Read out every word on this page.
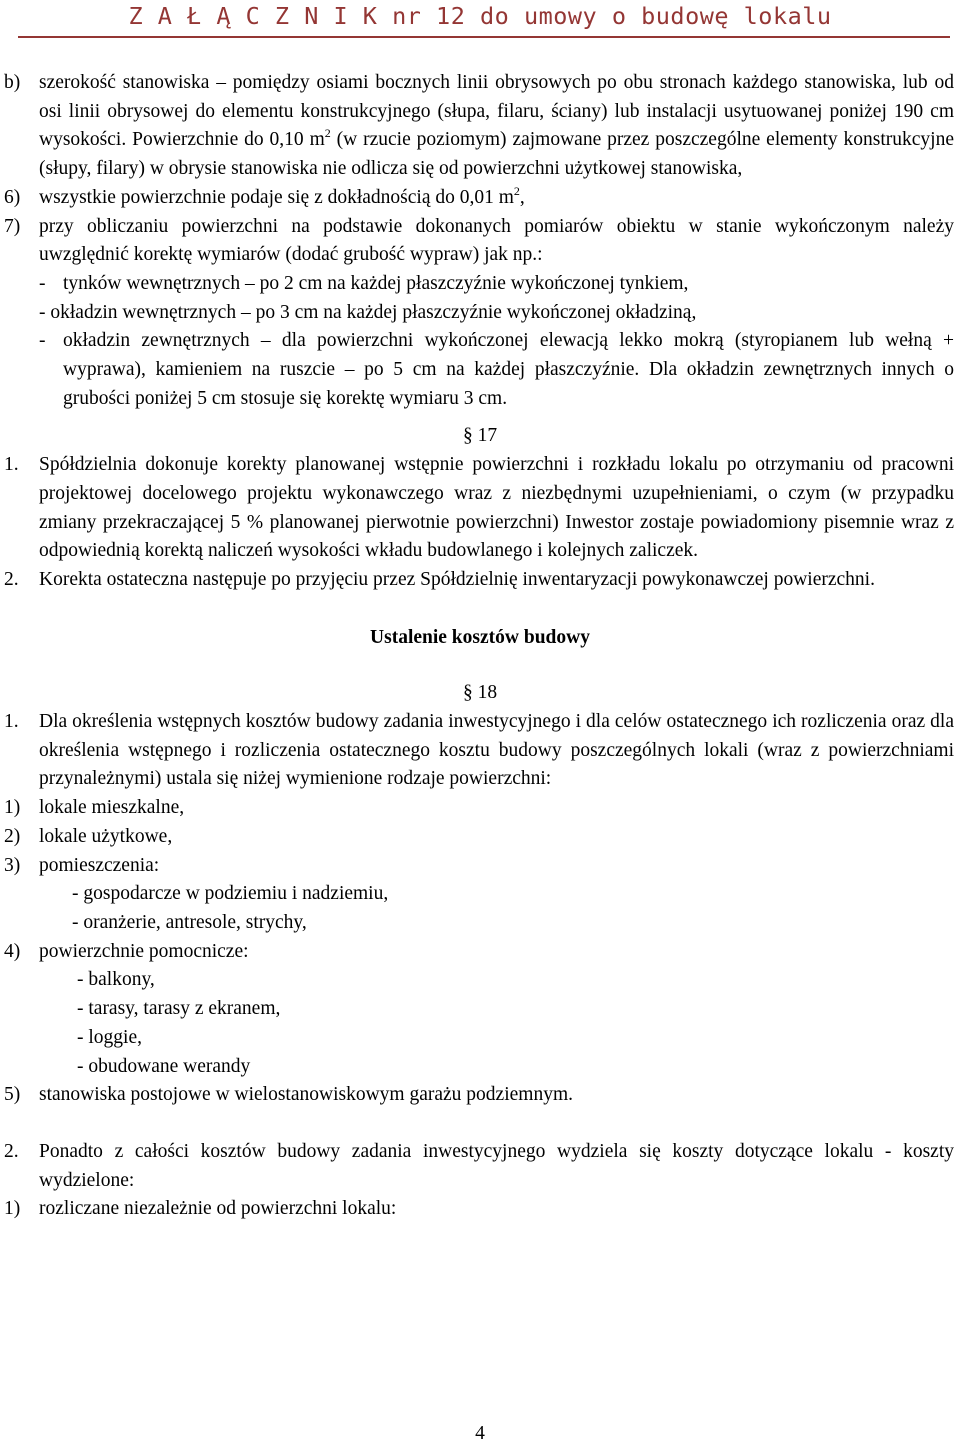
Z A Ł Ą C Z N I K nr 12 do umowy o budowę lokalu
b) szerokość stanowiska – pomiędzy osiami bocznych linii obrysowych po obu stronach każdego stanowiska, lub od osi linii obrysowej do elementu konstrukcyjnego (słupa, filaru, ściany) lub instalacji usytuowanej poniżej 190 cm wysokości. Powierzchnie do 0,10 $m^2$ (w rzucie poziomym) zajmowane przez poszczególne elementy konstrukcyjne (słupy, filary) w obrysie stanowiska nie odlicza się od powierzchni użytkowej stanowiska,
6) wszystkie powierzchnie podaje się z dokładnością do 0,01 $m^2$,
7) przy obliczaniu powierzchni na podstawie dokonanych pomiarów obiektu w stanie wykończonym należy uwzględnić korektę wymiarów (dodać grubość wypraw) jak np.:
- tynków wewnętrznych – po 2 cm na każdej płaszczyźnie wykończonej tynkiem,
- okładzin wewnętrznych – po 3 cm na każdej płaszczyźnie wykończonej okładziną,
- okładzin zewnętrznych – dla powierzchni wykończonej elewacją lekko mokrą (styropianem lub wełną + wyprawa), kamieniem na ruszcie – po 5 cm na każdej płaszczyźnie. Dla okładzin zewnętrznych innych o grubości poniżej 5 cm stosuje się korektę wymiaru 3 cm.
§ 17
1. Spółdzielnia dokonuje korekty planowanej wstępnie powierzchni i rozkładu lokalu po otrzymaniu od pracowni projektowej docelowego projektu wykonawczego wraz z niezbędnymi uzupełnieniami, o czym (w przypadku zmiany przekraczającej 5 % planowanej pierwotnie powierzchni) Inwestor zostaje powiadomiony pisemnie wraz z odpowiednią korektą naliczeń wysokości wkładu budowlanego i kolejnych zaliczek.
2. Korekta ostateczna następuje po przyjęciu przez Spółdzielnię inwentaryzacji powykonawczej powierzchni.
Ustalenie kosztów budowy
§ 18
1. Dla określenia wstępnych kosztów budowy zadania inwestycyjnego i dla celów ostatecznego ich rozliczenia oraz dla określenia wstępnego i rozliczenia ostatecznego kosztu budowy poszczególnych lokali (wraz z powierzchniami przynależnymi) ustala się niżej wymienione rodzaje powierzchni:
1) lokale mieszkalne,
2) lokale użytkowe,
3) pomieszczenia:
- gospodarcze w podziemiu i nadziemiu,
- oranżerie, antresole, strychy,
4) powierzchnie pomocnicze:
- balkony,
- tarasy, tarasy z ekranem,
- loggie,
- obudowane werandy
5) stanowiska postojowe w wielostanowiskowym garażu podziemnym.
2. Ponadto z całości kosztów budowy zadania inwestycyjnego wydziela się koszty dotyczące lokalu - koszty wydzielone:
1) rozliczane niezależnie od powierzchni lokalu:
4
